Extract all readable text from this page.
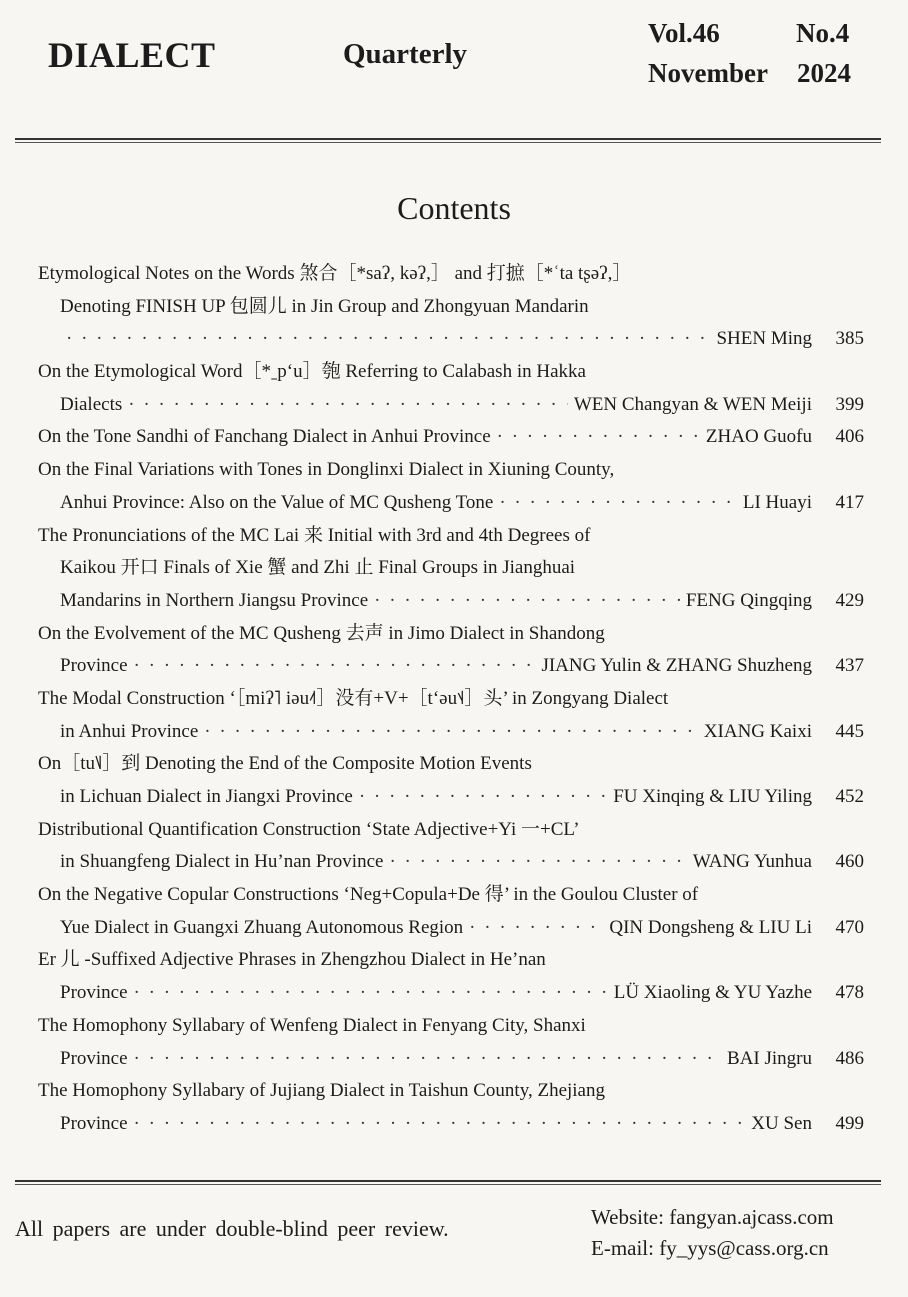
DIALECT	Quarterly
Vol.46	No.4
November 2024
Contents
Etymological Notes on the Words 煞合［*saʔ, kəʔ,］ and 打摭［*ʿta tʂəʔ,］
Denoting FINISH UP 包圆儿 in Jin Group and Zhongyuan Mandarin
· · ·
SHEN Ming	385
On the Etymological Word［*ˍpʻu］匏 Referring to Calabash in Hakka
Dialects · · ·	WEN Changyan & WEN Meiji	399
On the Tone Sandhi of Fanchang Dialect in Anhui Province · · ·	ZHAO Guofu	406
On the Final Variations with Tones in Donglinxi Dialect in Xiuning County,
Anhui Province: Also on the Value of MC Qusheng Tone · · ·	LI Huayi	417
The Pronunciations of the MC Lai 来 Initial with 3rd and 4th Degrees of
Kaikou 开口 Finals of Xie 蟹 and Zhi 止 Final Groups in Jianghuai
Mandarins in Northern Jiangsu Province · · ·	FENG Qingqing	429
On the Evolvement of the MC Qusheng 去声 in Jimo Dialect in Shandong
Province · · ·	JIANG Yulin & ZHANG Shuzheng	437
The Modal Construction ‘［miʔ˥ iəu˨˦］没有+V+［tʻəu˦˨］头’ in Zongyang Dialect
in Anhui Province · · ·	XIANG Kaixi	445
On［tu˥˩］到 Denoting the End of the Composite Motion Events
in Lichuan Dialect in Jiangxi Province · · ·	FU Xinqing & LIU Yiling	452
Distributional Quantification Construction ‘State Adjective+Yi 一+CL’
in Shuangfeng Dialect in Hu’nan Province · · ·	WANG Yunhua	460
On the Negative Copular Constructions ‘Neg+Copula+De 得’ in the Goulou Cluster of
Yue Dialect in Guangxi Zhuang Autonomous Region · · ·	QIN Dongsheng & LIU Li	470
Er 儿 -Suffixed Adjective Phrases in Zhengzhou Dialect in He’nan
Province · · ·	LÜ Xiaoling & YU Yazhe	478
The Homophony Syllabary of Wenfeng Dialect in Fenyang City, Shanxi
Province · · ·	BAI Jingru	486
The Homophony Syllabary of Jujiang Dialect in Taishun County, Zhejiang
Province · · ·	XU Sen	499
All papers are under double-blind peer review.	Website: fangyan.ajcass.com
E-mail: fy_yys@cass.org.cn
